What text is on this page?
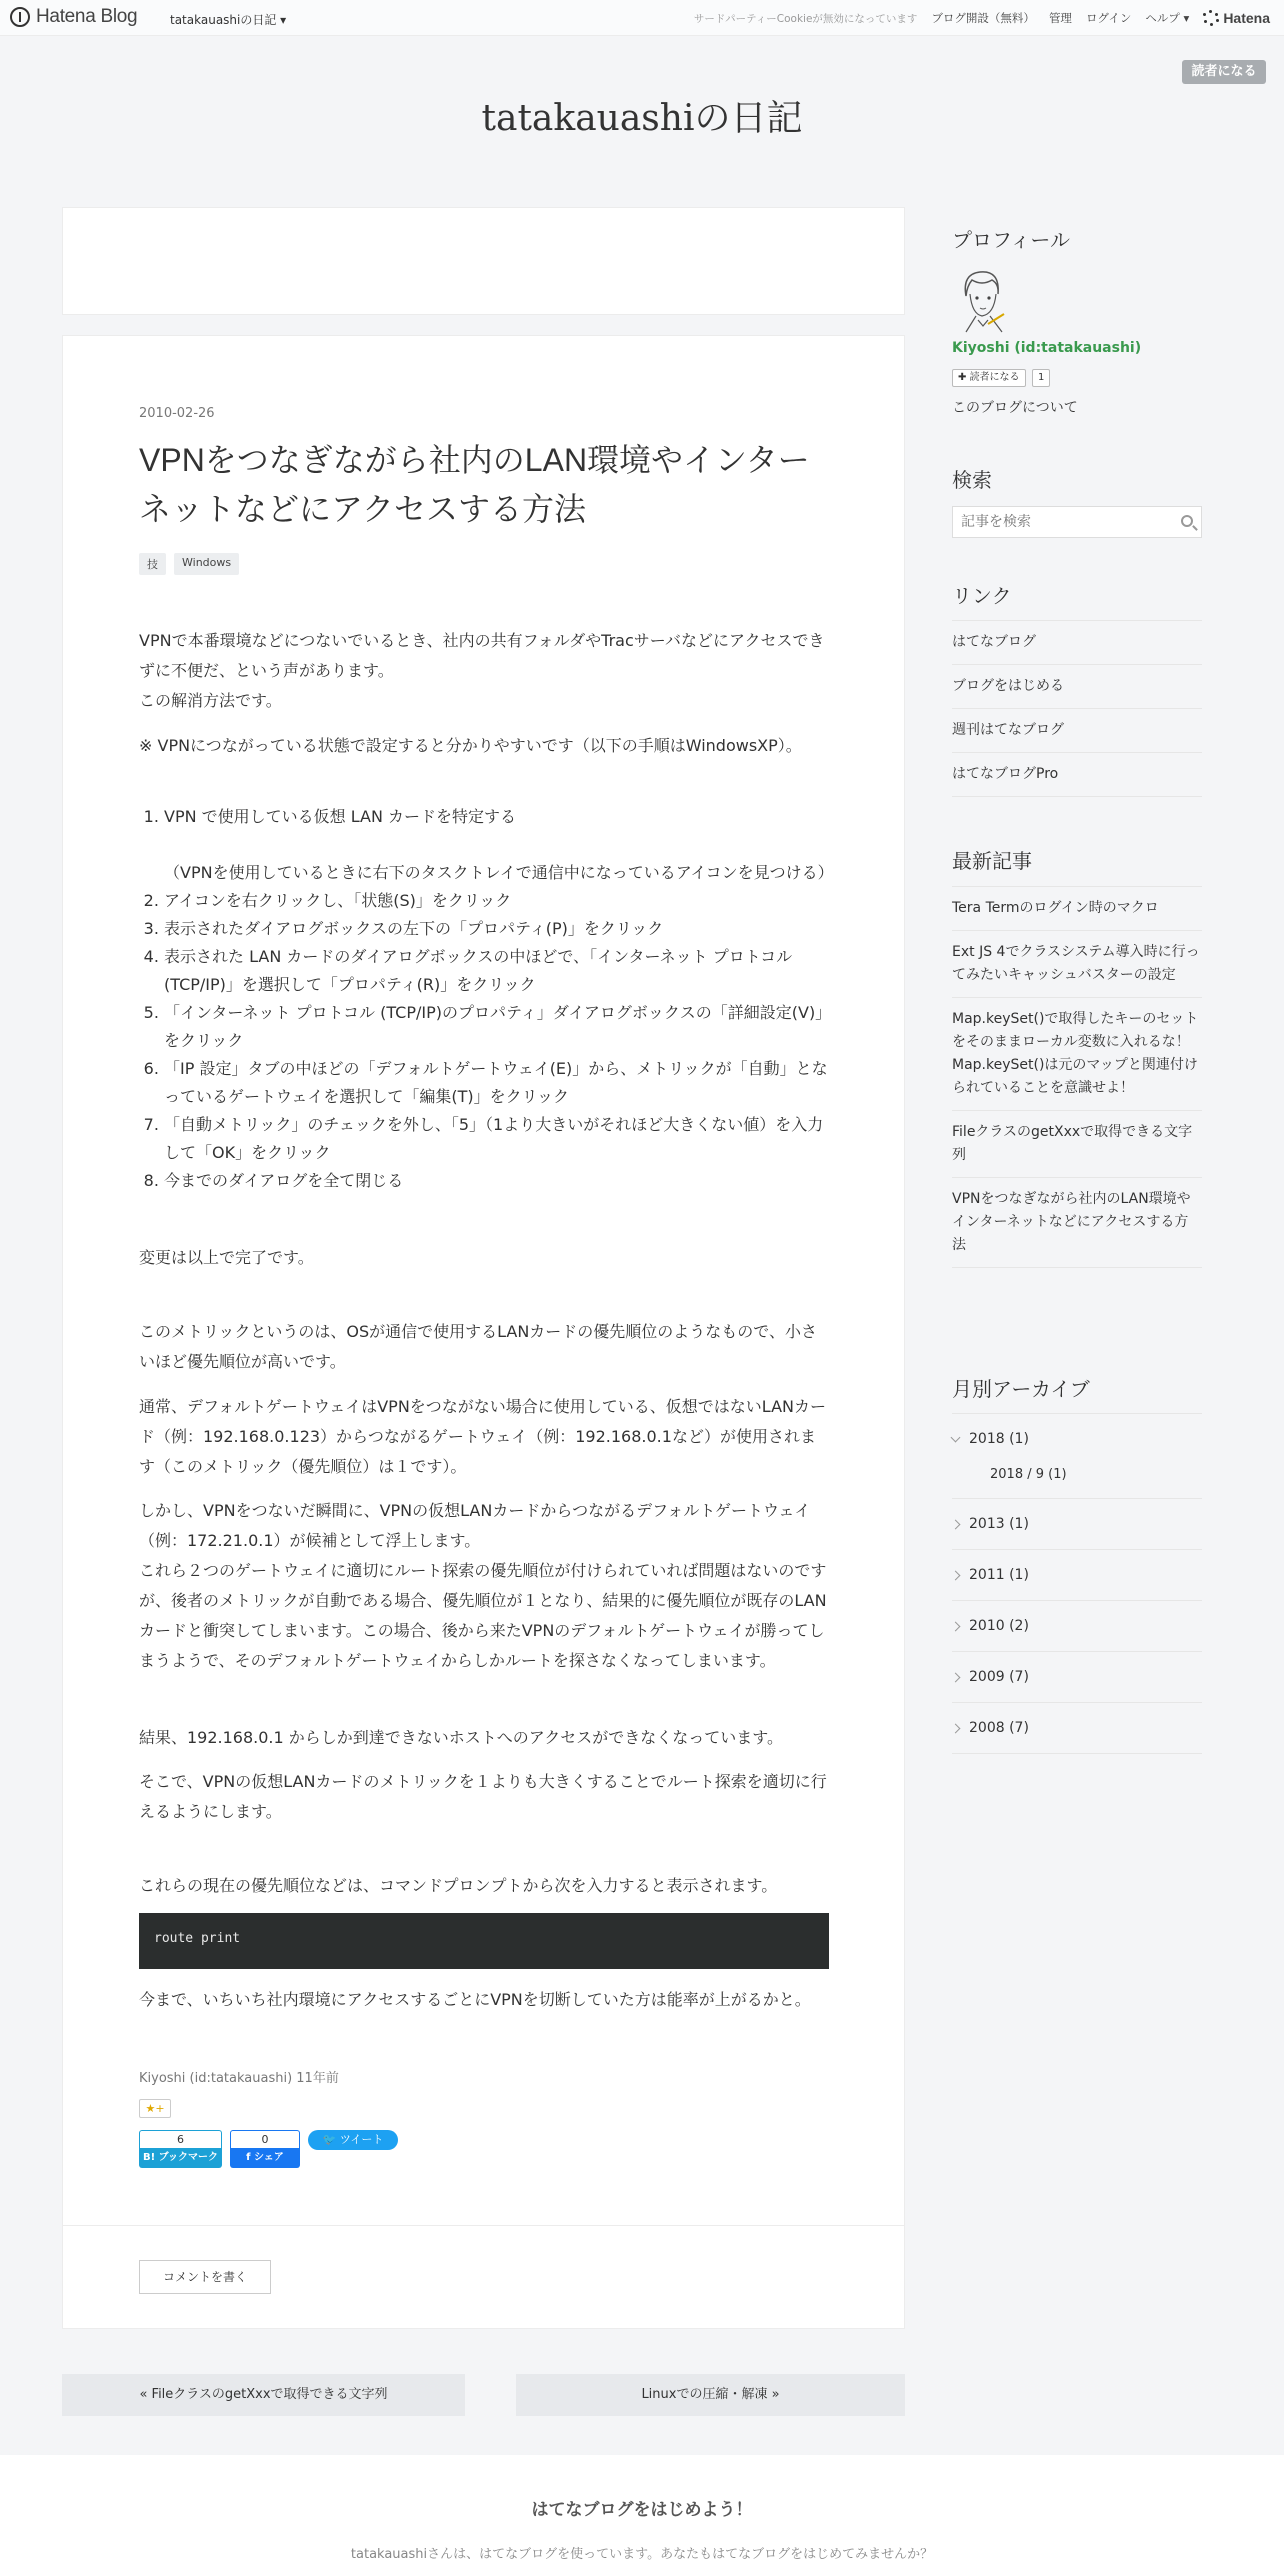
Hatena Blog	tatakauashiの日記 ▾	サードパーティーCookieが無効になっています ブログ開設（無料） 管理 ログイン ヘルプ ▾ Hatena
読者になる
tatakauashiの日記
2010-02-26
VPNをつなぎながら社内のLAN環境やインターネットなどにアクセスする方法
技	Windows

VPNで本番環境などにつないでいるとき、社内の共有フォルダやTracサーバなどにアクセスできずに不便だ、という声があります。

この解消方法です。

※ VPNにつながっている状態で設定すると分かりやすいです（以下の手順はWindowsXP）。
1. VPN で使用している仮想 LAN カードを特定する

（VPNを使用しているときに右下のタスクトレイで通信中になっているアイコンを見つける）
2. アイコンを右クリックし、「状態(S)」をクリック
3. 表示されたダイアログボックスの左下の「プロパティ(P)」をクリック
4. 表示された LAN カードのダイアログボックスの中ほどで、「インターネット プロトコル (TCP/IP)」を選択して「プロパティ(R)」をクリック
5. 「インターネット プロトコル (TCP/IP)のプロパティ」ダイアログボックスの「詳細設定(V)」をクリック
6. 「IP 設定」タブの中ほどの「デフォルトゲートウェイ(E)」から、メトリックが「自動」となっているゲートウェイを選択して「編集(T)」をクリック
7. 「自動メトリック」のチェックを外し、「5」（1より大きいがそれほど大きくない値）を入力して「OK」をクリック
8. 今までのダイアログを全て閉じる
変更は以上で完了です。
このメトリックというのは、OSが通信で使用するLANカードの優先順位のようなもので、小さいほど優先順位が高いです。
通常、デフォルトゲートウェイはVPNをつながない場合に使用している、仮想ではないLANカード（例：192.168.0.123）からつながるゲートウェイ（例：192.168.0.1など）が使用されます（このメトリック（優先順位）は１です）。

しかし、VPNをつないだ瞬間に、VPNの仮想LANカードからつながるデフォルトゲートウェイ（例：172.21.0.1）が候補として浮上します。

これら２つのゲートウェイに適切にルート探索の優先順位が付けられていれば問題はないのですが、後者のメトリックが自動である場合、優先順位が１となり、結果的に優先順位が既存のLANカードと衝突してしまいます。この場合、後から来たVPNのデフォルトゲートウェイが勝ってしまうようで、そのデフォルトゲートウェイからしかルートを探さなくなってしまいます。

結果、192.168.0.1 からしか到達できないホストへのアクセスができなくなっています。
そこで、VPNの仮想LANカードのメトリックを１よりも大きくすることでルート探索を適切に行えるようにします。
これらの現在の優先順位などは、コマンドプロンプトから次を入力すると表示されます。
route print
今まで、いちいち社内環境にアクセスするごとにVPNを切断していた方は能率が上がるかと。
Kiyoshi (id:tatakauashi) 11年前
★+
6
B! ブックマーク
0
f シェア
🐦 ツイート
コメントを書く
« FileクラスのgetXxxで取得できる文字列	Linuxでの圧縮・解凍 »
プロフィール
Kiyoshi (id:tatakauashi)
✚ 読者になる	1
このブログについて
検索
記事を検索
リンク
はてなブログ
ブログをはじめる
週刊はてなブログ
はてなブログPro
最新記事
Tera Termのログイン時のマクロ
Ext JS 4でクラスシステム導入時に行ってみたいキャッシュバスターの設定
Map.keySet()で取得したキーのセットをそのままローカル変数に入れるな！　Map.keySet()は元のマップと関連付けられていることを意識せよ！
FileクラスのgetXxxで取得できる文字列
VPNをつなぎながら社内のLAN環境やインターネットなどにアクセスする方法
月別アーカイブ
2018 (1)
2018 / 9 (1)
2013 (1)
2011 (1)
2010 (2)
2009 (7)
2008 (7)
はてなブログをはじめよう！
tatakauashiさんは、はてなブログを使っています。あなたもはてなブログをはじめてみませんか？
